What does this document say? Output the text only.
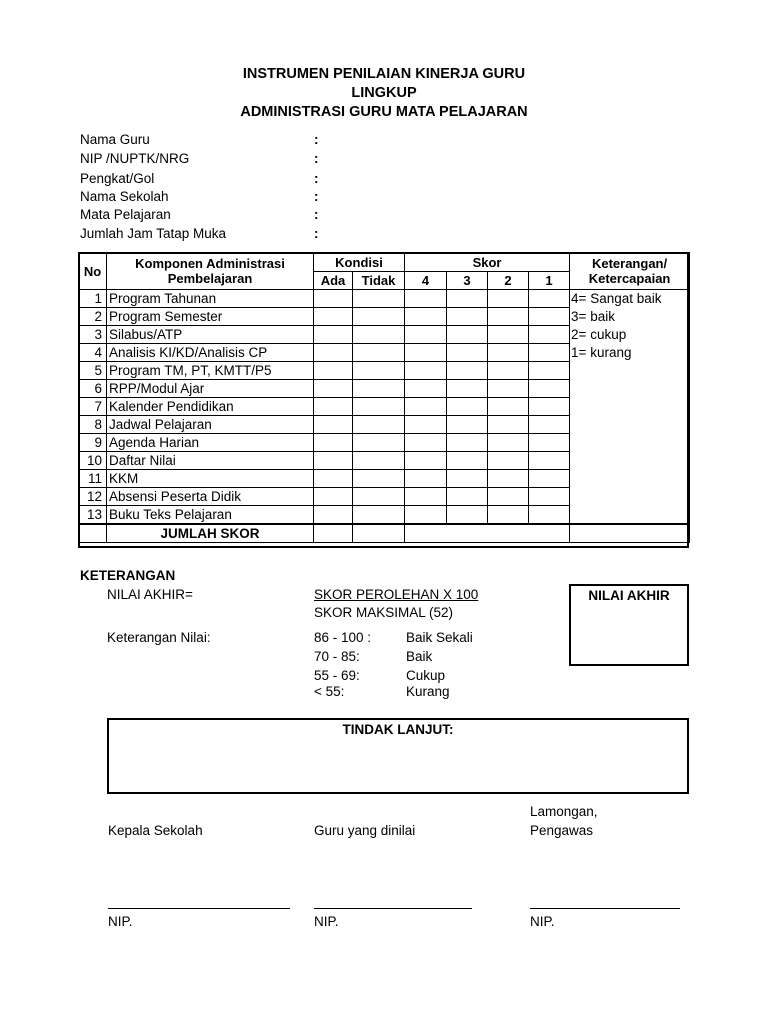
INSTRUMEN PENILAIAN KINERJA GURU
LINGKUP
ADMINISTRASI GURU MATA PELAJARAN
Nama Guru	:
NIP /NUPTK/NRG	:
Pengkat/Gol	:
Nama Sekolah	:
Mata Pelajaran	:
Jumlah Jam Tatap Muka	:
No	Komponen Administrasi Pembelajaran	Kondisi		Skor				Keterangan/ Ketercapaian
		Ada	Tidak	4	3	2	1	
1	Program Tahunan							4= Sangat baik
3= baik
2= cukup
1= kurang

2	Program Semester							
3	Silabus/ATP							
4	Analisis KI/KD/Analisis CP							
5	Program TM, PT, KMTT/P5							
6	RPP/Modul Ajar							
7	Kalender Pendidikan							
8	Jadwal Pelajaran							
9	Agenda Harian							
10	Daftar Nilai							
11	KKM							
12	Absensi Peserta Didik							
13	Buku Teks Pelajaran							
	JUMLAH SKOR							
KETERANGAN
NILAI AKHIR=	SKOR PEROLEHAN X 100
SKOR MAKSIMAL (52)
NILAI AKHIR
Keterangan Nilai:	86 - 100 :	Baik Sekali
70 - 85:	Baik
55 - 69:	Cukup
< 55:	Kurang
TINDAK LANJUT:
Lamongan,
Kepala Sekolah	Guru yang dinilai	Pengawas
NIP.	NIP.	NIP.
